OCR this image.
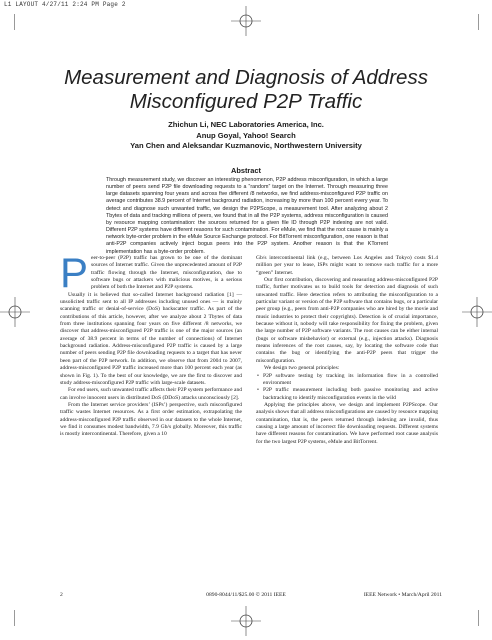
L1 LAYOUT 4/27/11 2:24 PM Page 2
Measurement and Diagnosis of Address Misconfigured P2P Traffic
Zhichun Li, NEC Laboratories America, Inc.
Anup Goyal, Yahoo! Search
Yan Chen and Aleksandar Kuzmanovic, Northwestern University
Abstract

Through measurement study, we discover an interesting phenomenon, P2P address misconfiguration, in which a large number of peers send P2P file downloading requests to a “random” target on the Internet. Through measuring three large datasets spanning four years and across five different /8 networks, we find address-misconfigured P2P traffic on average contributes 38.9 percent of Internet background radiation, increasing by more than 100 percent every year. To detect and diagnose such unwanted traffic, we design the P2PScope, a measurement tool. After analyzing about 2 Tbytes of data and tracking millions of peers, we found that in all the P2P systems, address misconfiguration is caused by resource mapping contamination: the sources returned for a given file ID through P2P indexing are not valid. Different P2P systems have different reasons for such contamination. For eMule, we find that the root cause is mainly a network byte-order problem in the eMule Source Exchange protocol. For BitTorrent misconfiguration, one reason is that anti-P2P companies actively inject bogus peers into the P2P system. Another reason is that the KTorrent implementation has a byte-order problem.

Peer-to-peer (P2P) traffic has grown to be one of the dominant sources of Internet traffic. Given the unprecedented amount of P2P traffic flowing through the Internet, misconfiguration, due to software bugs or attackers with malicious motives, is a serious problem of both the Internet and P2P systems.

Usually it is believed that so-called Internet background radiation [1] — unsolicited traffic sent to all IP addresses including unused ones — is mainly scanning traffic or denial-of-service (DoS) backscatter traffic. As part of the contributions of this article, however, after we analyze about 2 Tbytes of data from three institutions spanning four years on five different /8 networks, we discover that address-misconfigured P2P traffic is one of the major sources (an average of 38.9 percent in terms of the number of connections) of Internet background radiation. Address-misconfigured P2P traffic is caused by a large number of peers sending P2P file downloading requests to a target that has never been part of the P2P network. In addition, we observe that from 2004 to 2007, address-misconfigured P2P traffic increased more than 100 percent each year (as shown in Fig. 1). To the best of our knowledge, we are the first to discover and study address-misconfigured P2P traffic with large-scale datasets.

For end users, such unwanted traffic affects their P2P system performance and can involve innocent users in distributed DoS (DDoS) attacks unconsciously [2].

From the Internet service providers’ (ISPs’) perspective, such misconfigured traffic wastes Internet resources. As a first order estimation, extrapolating the address-misconfigured P2P traffic observed in our datasets to the whole Internet, we find it consumes modest bandwidth, 7.9 Gb/s globally. Moreover, this traffic is mostly intercontinental. Therefore, given a 10

Gb/s intercontinental link (e.g., between Los Angeles and Tokyo) costs $1.4 million per year to lease, ISPs might want to remove such traffic for a more “green” Internet.

Our first contribution, discovering and measuring address-misconfigured P2P traffic, further motivates us to build tools for detection and diagnosis of such unwanted traffic. Here detection refers to attributing the misconfiguration to a particular variant or version of the P2P software that contains bugs, or a particular peer group (e.g., peers from anti-P2P companies who are hired by the movie and music industries to protect their copyrights). Detection is of crucial importance, because without it, nobody will take responsibility for fixing the problem, given the large number of P2P software variants. The root causes can be either internal (bugs or software misbehavior) or external (e.g., injection attacks). Diagnosis means inferences of the root causes, say, by locating the software code that contains the bug or identifying the anti-P2P peers that trigger the misconfiguration.

We design two general principles:

• P2P software testing by tracking its information flow in a controlled environment
• P2P traffic measurement including both passive monitoring and active backtracking to identify misconfiguration events in the wild

Applying the principles above, we design and implement P2PScope. Our analysis shows that all address misconfigurations are caused by resource mapping contamination, that is, the peers returned through indexing are invalid, thus causing a large amount of incorrect file downloading requests. Different systems have different reasons for contamination. We have performed root cause analysis for the two largest P2P systems, eMule and BitTorrent.

2	0890-8044/11/$25.00 © 2011 IEEE	IEEE Network • March/April 2011
